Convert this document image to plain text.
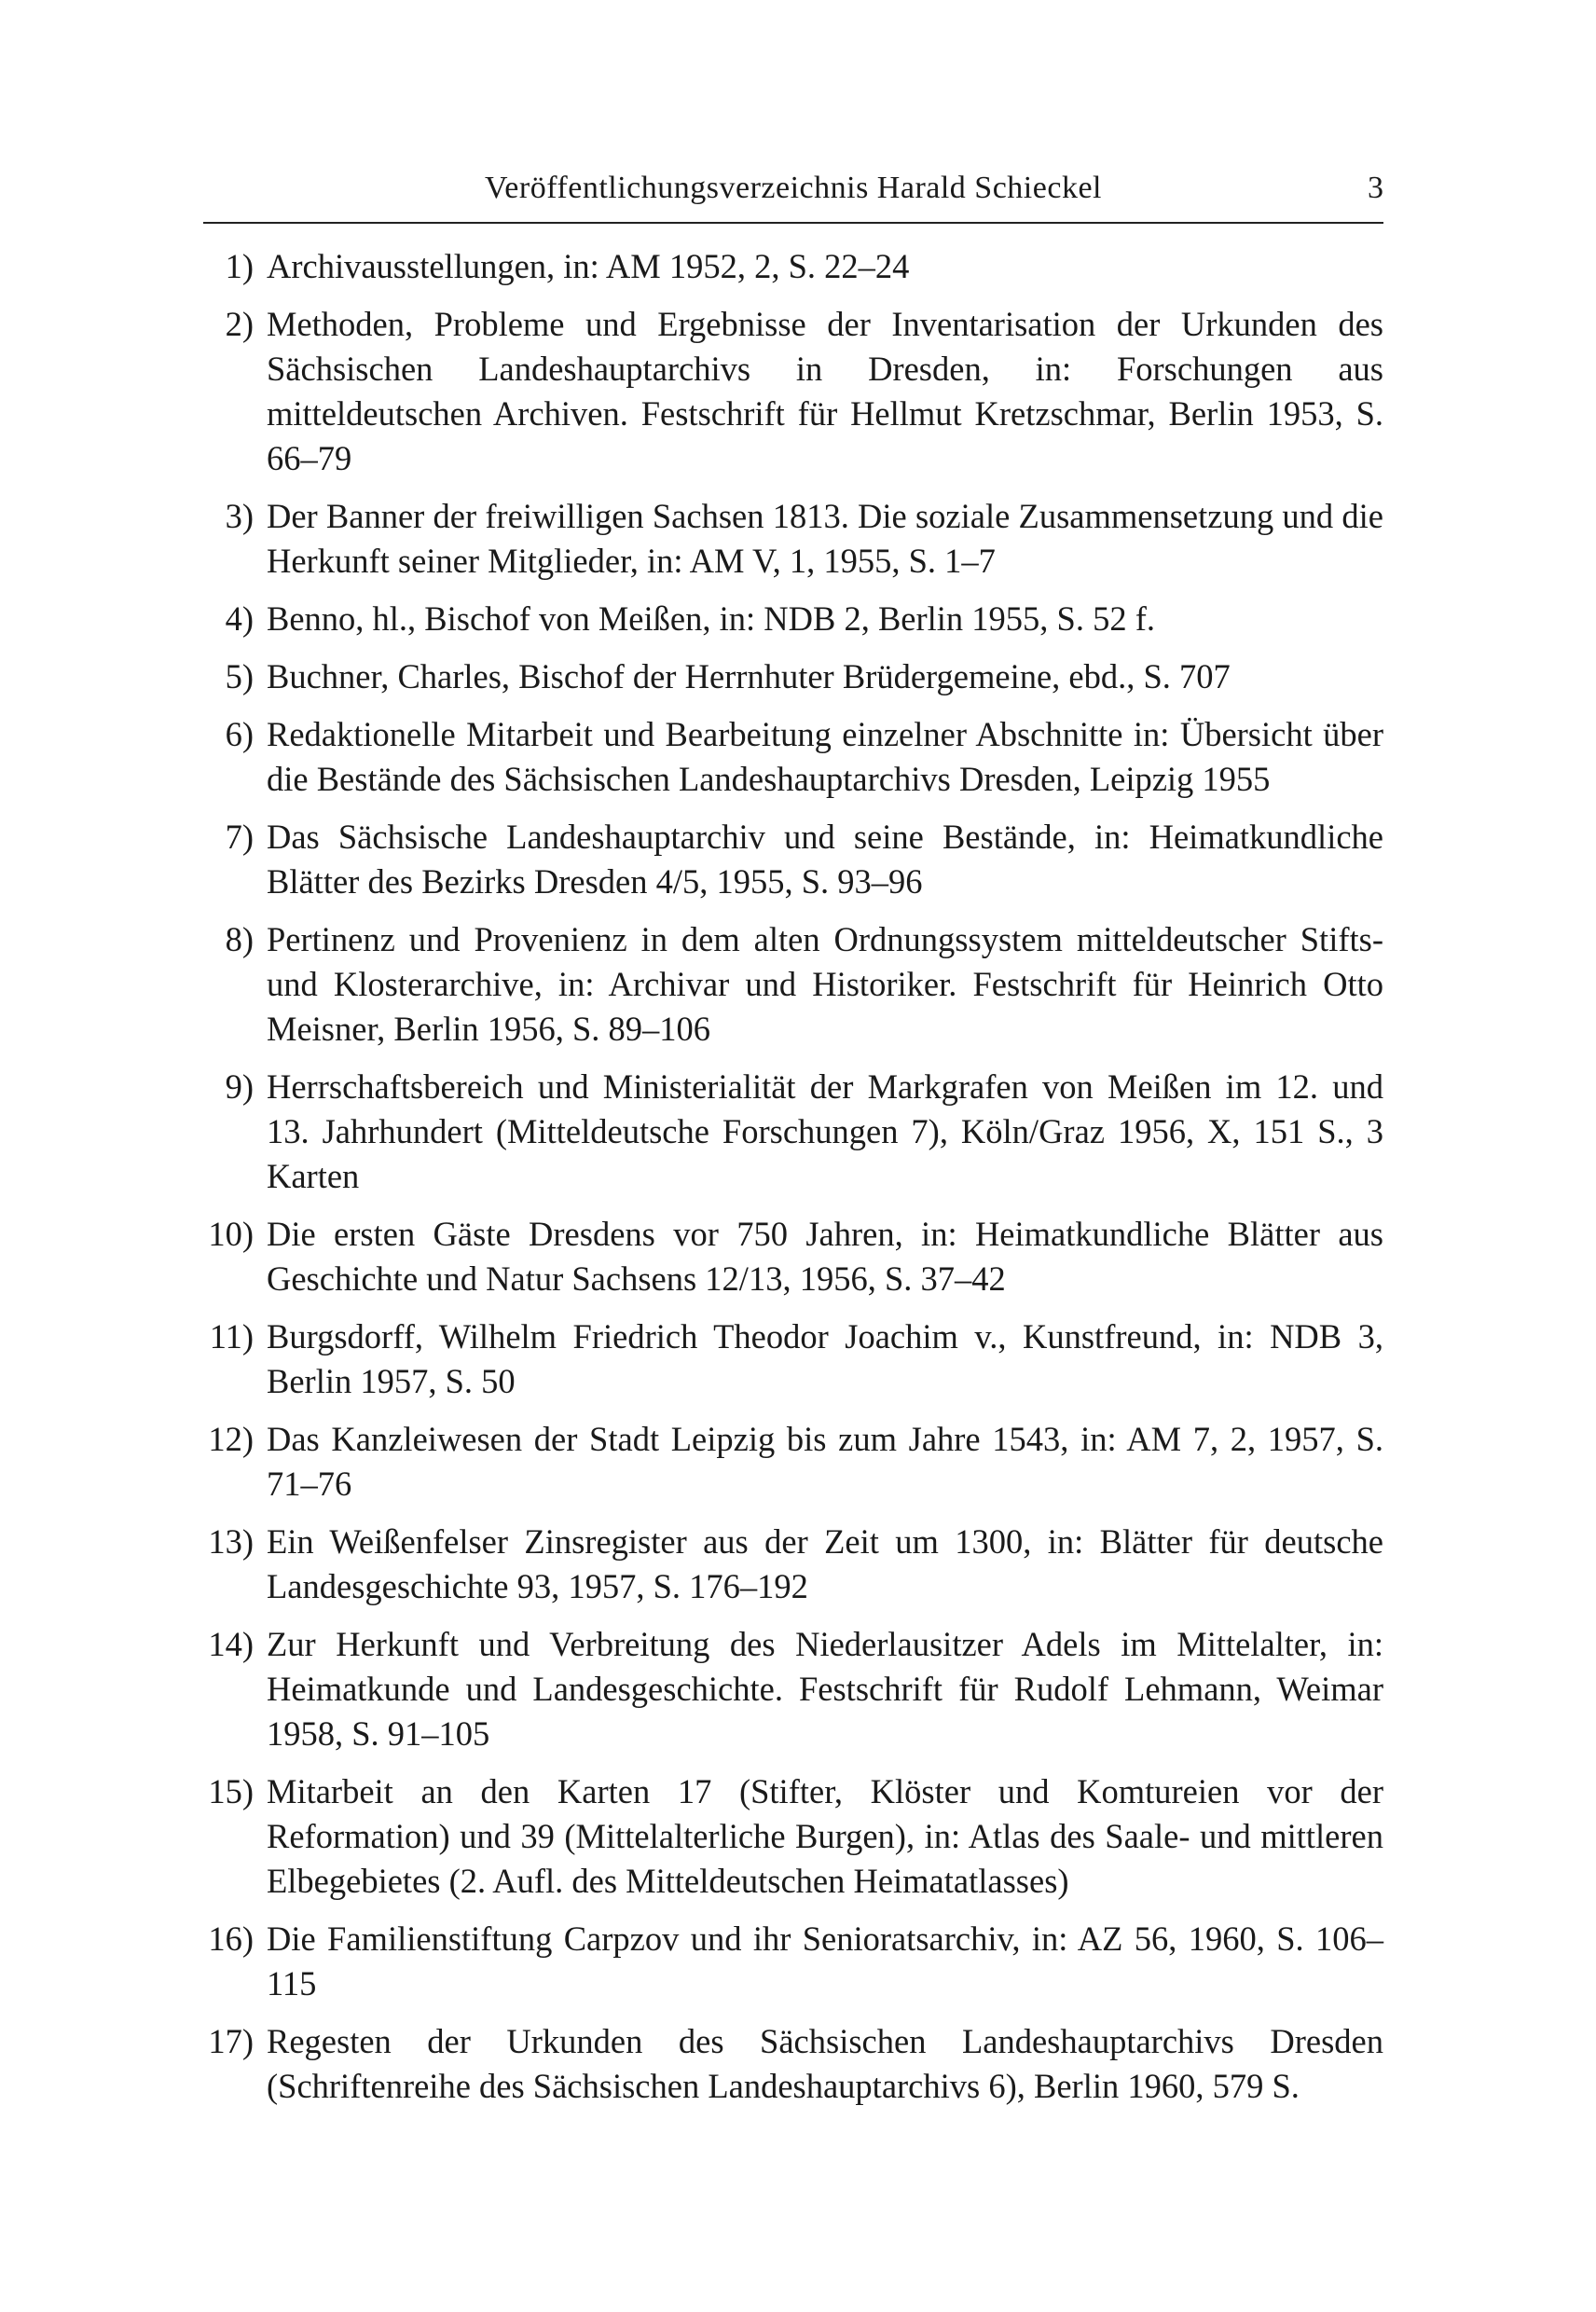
Veröffentlichungsverzeichnis Harald Schieckel	3
1) Archivausstellungen, in: AM 1952, 2, S. 22–24
2) Methoden, Probleme und Ergebnisse der Inventarisation der Urkunden des Sächsischen Landeshauptarchivs in Dresden, in: Forschungen aus mitteldeutschen Archiven. Festschrift für Hellmut Kretzschmar, Berlin 1953, S. 66–79
3) Der Banner der freiwilligen Sachsen 1813. Die soziale Zusammensetzung und die Herkunft seiner Mitglieder, in: AM V, 1, 1955, S. 1–7
4) Benno, hl., Bischof von Meißen, in: NDB 2, Berlin 1955, S. 52 f.
5) Buchner, Charles, Bischof der Herrnhuter Brüdergemeine, ebd., S. 707
6) Redaktionelle Mitarbeit und Bearbeitung einzelner Abschnitte in: Übersicht über die Bestände des Sächsischen Landeshauptarchivs Dresden, Leipzig 1955
7) Das Sächsische Landeshauptarchiv und seine Bestände, in: Heimatkundliche Blätter des Bezirks Dresden 4/5, 1955, S. 93–96
8) Pertinenz und Provenienz in dem alten Ordnungssystem mitteldeutscher Stifts- und Klosterarchive, in: Archivar und Historiker. Festschrift für Heinrich Otto Meisner, Berlin 1956, S. 89–106
9) Herrschaftsbereich und Ministerialität der Markgrafen von Meißen im 12. und 13. Jahrhundert (Mitteldeutsche Forschungen 7), Köln/Graz 1956, X, 151 S., 3 Karten
10) Die ersten Gäste Dresdens vor 750 Jahren, in: Heimatkundliche Blätter aus Geschichte und Natur Sachsens 12/13, 1956, S. 37–42
11) Burgsdorff, Wilhelm Friedrich Theodor Joachim v., Kunstfreund, in: NDB 3, Berlin 1957, S. 50
12) Das Kanzleiwesen der Stadt Leipzig bis zum Jahre 1543, in: AM 7, 2, 1957, S. 71–76
13) Ein Weißenfelser Zinsregister aus der Zeit um 1300, in: Blätter für deutsche Landesgeschichte 93, 1957, S. 176–192
14) Zur Herkunft und Verbreitung des Niederlausitzer Adels im Mittelalter, in: Heimatkunde und Landesgeschichte. Festschrift für Rudolf Lehmann, Weimar 1958, S. 91–105
15) Mitarbeit an den Karten 17 (Stifter, Klöster und Komtureien vor der Reformation) und 39 (Mittelalterliche Burgen), in: Atlas des Saale- und mittleren Elbegebietes (2. Aufl. des Mitteldeutschen Heimatatlasses)
16) Die Familienstiftung Carpzov und ihr Senioratsarchiv, in: AZ 56, 1960, S. 106–115
17) Regesten der Urkunden des Sächsischen Landeshauptarchivs Dresden (Schriftenreihe des Sächsischen Landeshauptarchivs 6), Berlin 1960, 579 S.
